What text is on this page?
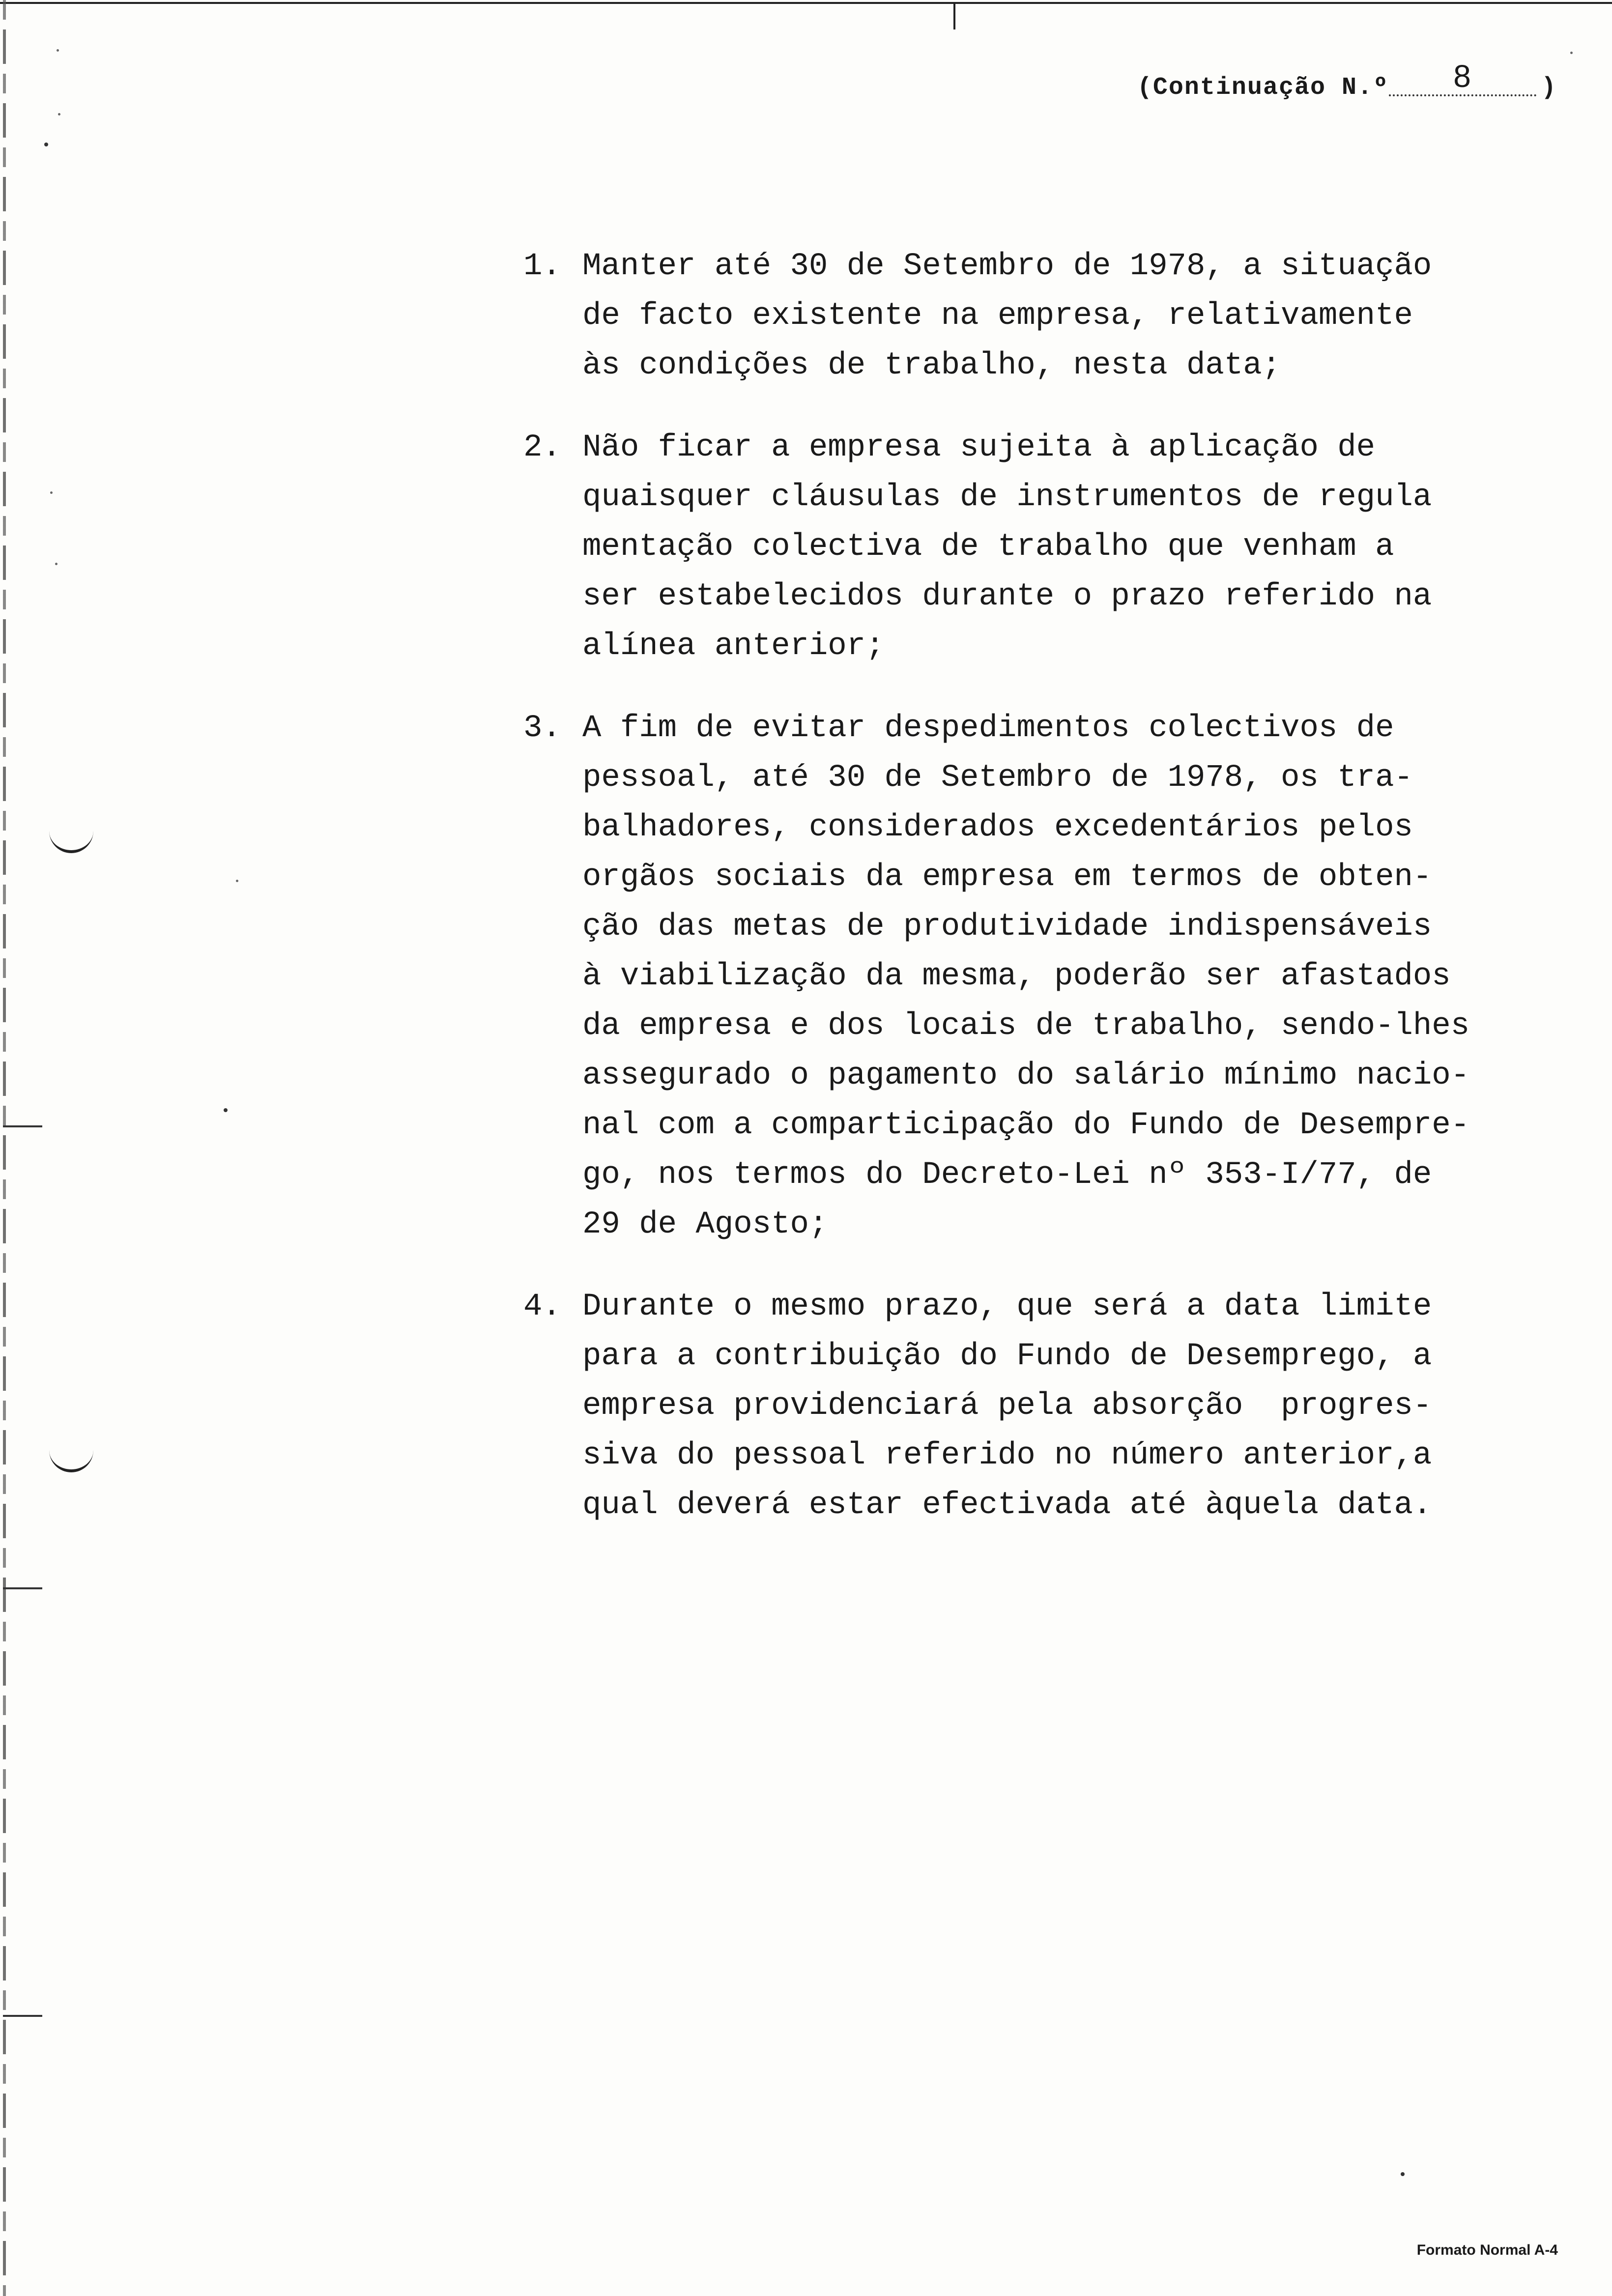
(Continuação N.º 8	)
1. Manter até 30 de Setembro de 1978, a situação
de facto existente na empresa, relativamente
às condições de trabalho, nesta data;
2. Não ficar a empresa sujeita à aplicação de
quaisquer cláusulas de instrumentos de regula
mentação colectiva de trabalho que venham a
ser estabelecidos durante o prazo referido na
alínea anterior;
3. A fim de evitar despedimentos colectivos de
pessoal, até 30 de Setembro de 1978, os tra-
balhadores, considerados excedentários pelos
orgãos sociais da empresa em termos de obten-
ção das metas de produtividade indispensáveis
à viabilização da mesma, poderão ser afastados
da empresa e dos locais de trabalho, sendo-lhes
assegurado o pagamento do salário mínimo nacio-
nal com a comparticipação do Fundo de Desempre-
go, nos termos do Decreto-Lei nº 353-I/77, de
29 de Agosto;
4. Durante o mesmo prazo, que será a data limite
para a contribuição do Fundo de Desemprego, a
empresa providenciará pela absorção  progres-
siva do pessoal referido no número anterior,a
qual deverá estar efectivada até àquela data.
Formato Normal A-4
